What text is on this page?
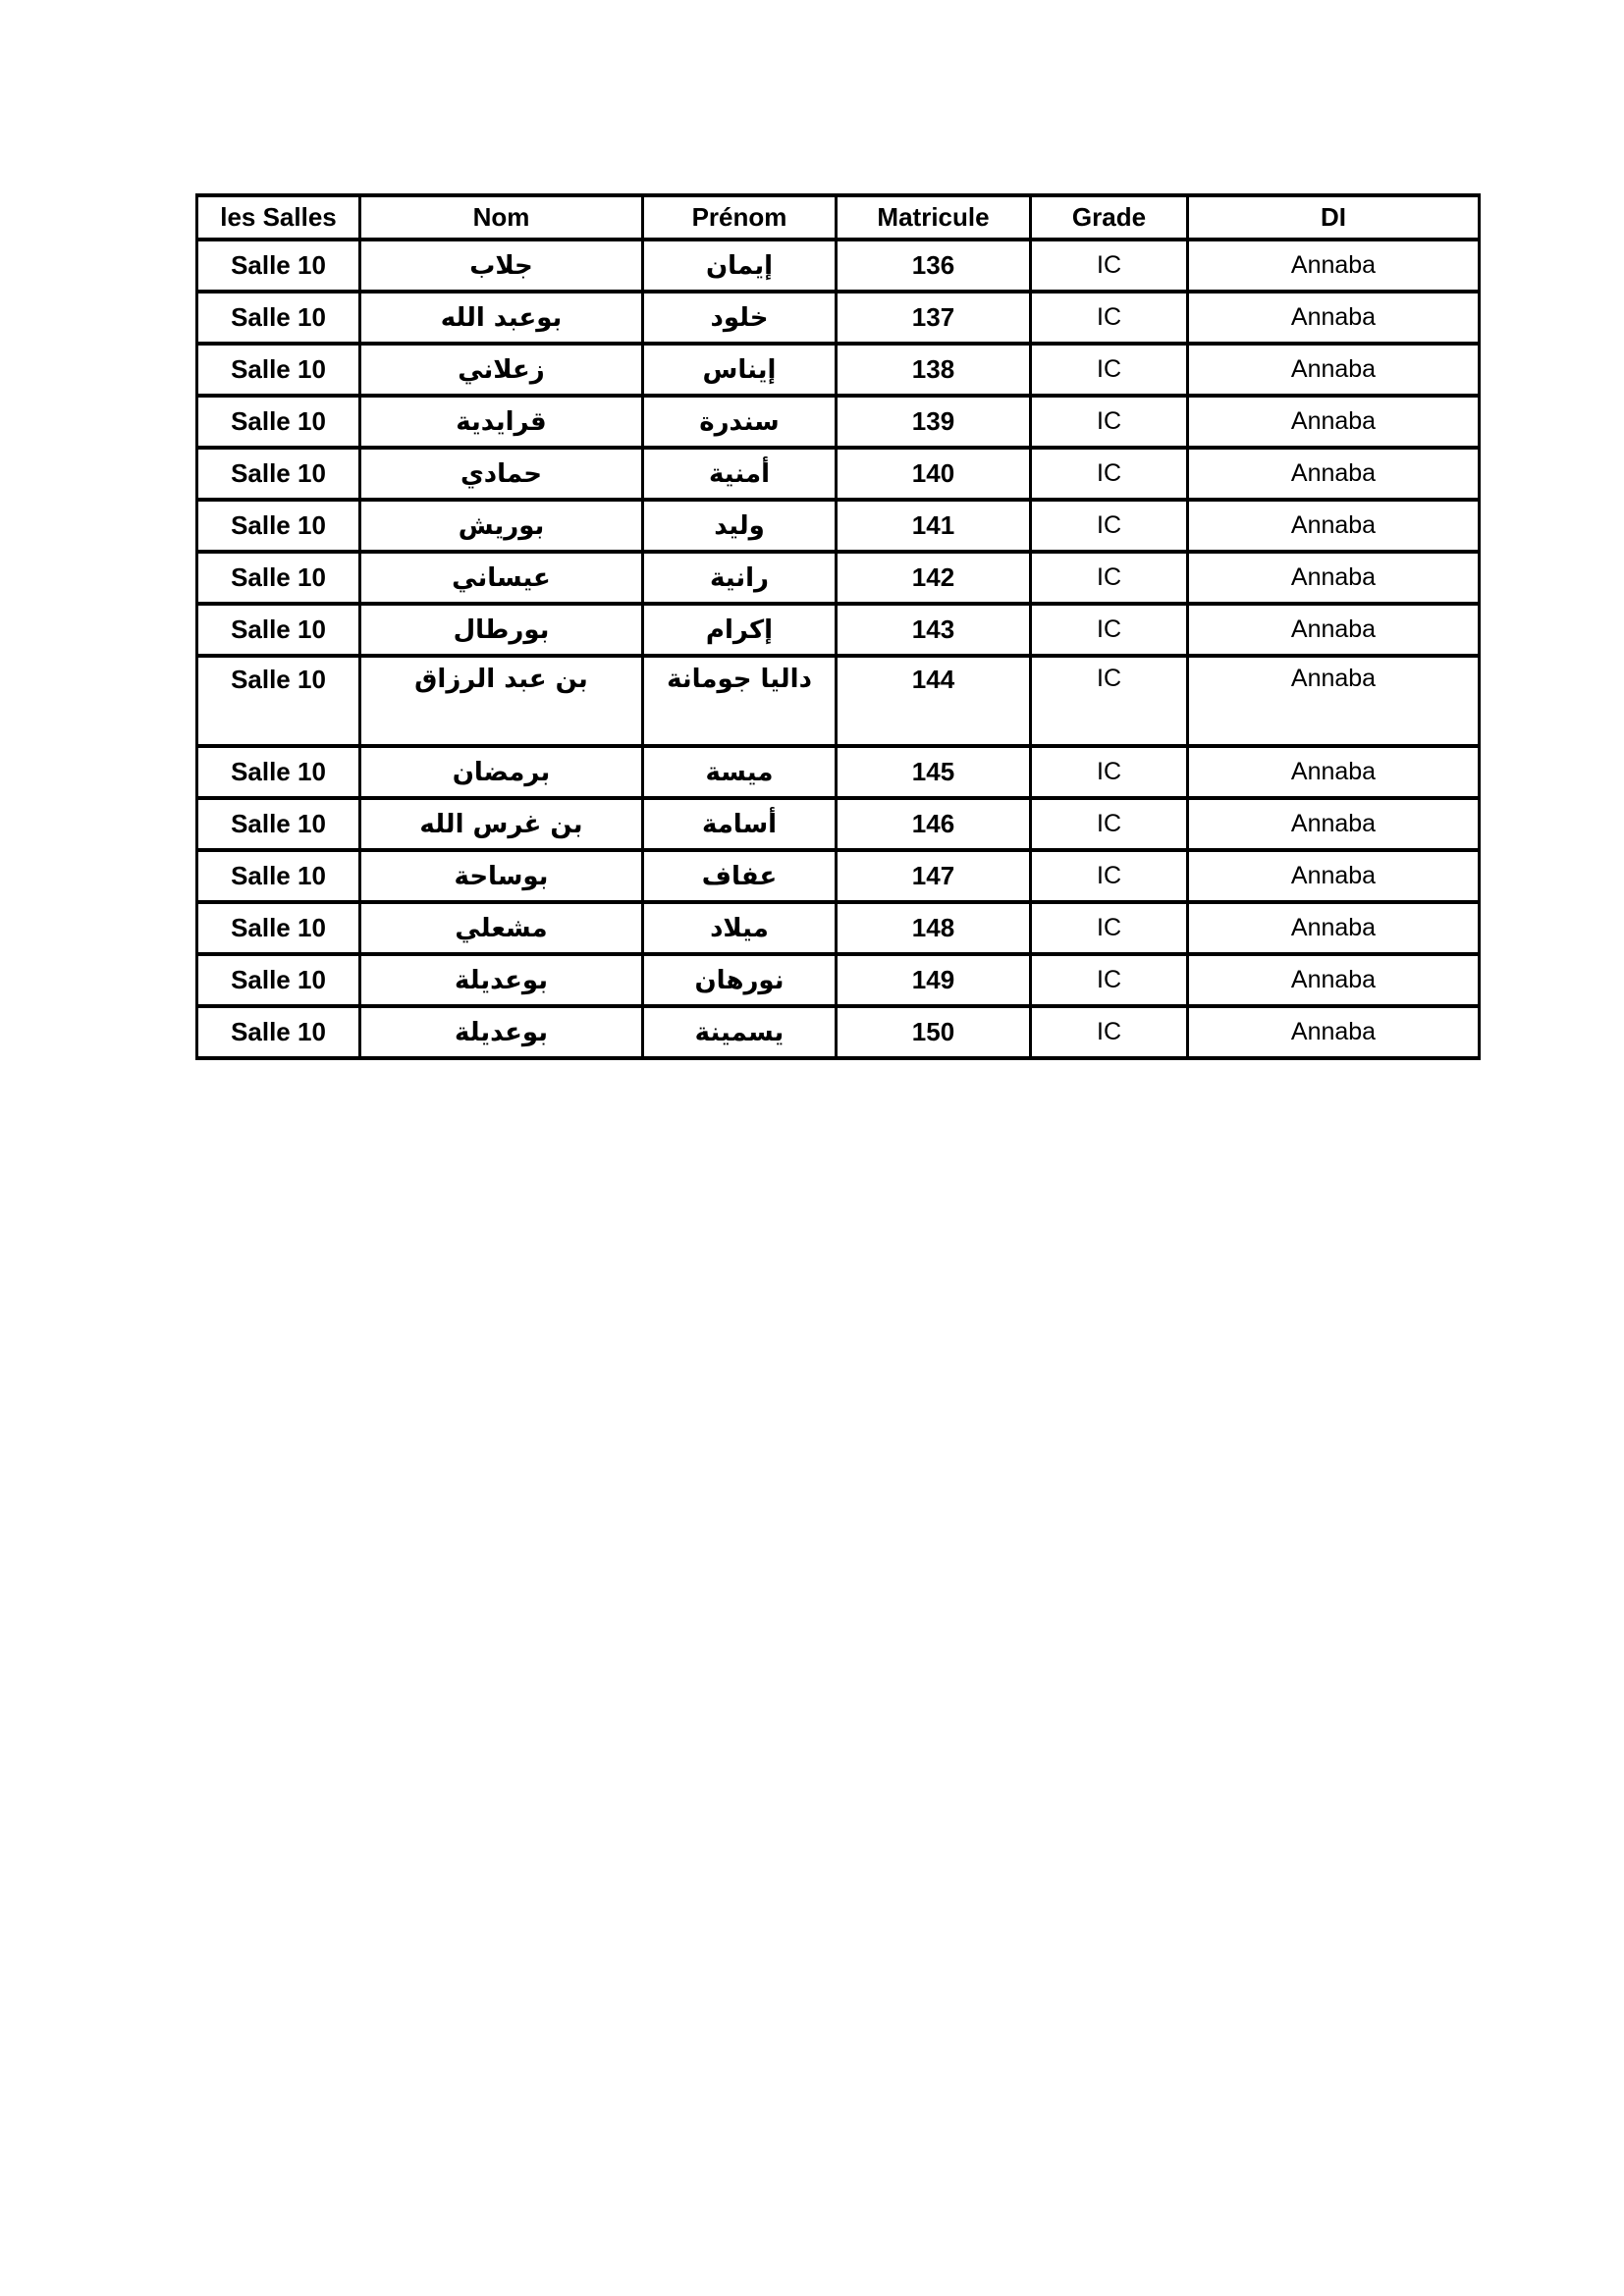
les Salles	Nom	Prénom	Matricule	Grade	DI
Salle 10	جلاب	إيمان	136	IC	Annaba
Salle 10	بوعبد الله	خلود	137	IC	Annaba
Salle 10	زعلاني	إيناس	138	IC	Annaba
Salle 10	قرايدية	سندرة	139	IC	Annaba
Salle 10	حمادي	أمنية	140	IC	Annaba
Salle 10	بوريش	وليد	141	IC	Annaba
Salle 10	عيساني	رانية	142	IC	Annaba
Salle 10	بورطال	إكرام	143	IC	Annaba
Salle 10	بن عبد الرزاق	داليا جومانة	144	IC	Annaba
Salle 10	برمضان	ميسة	145	IC	Annaba
Salle 10	بن غرس الله	أسامة	146	IC	Annaba
Salle 10	بوساحة	عفاف	147	IC	Annaba
Salle 10	مشعلي	ميلاد	148	IC	Annaba
Salle 10	بوعديلة	نورهان	149	IC	Annaba
Salle 10	بوعديلة	يسمينة	150	IC	Annaba
